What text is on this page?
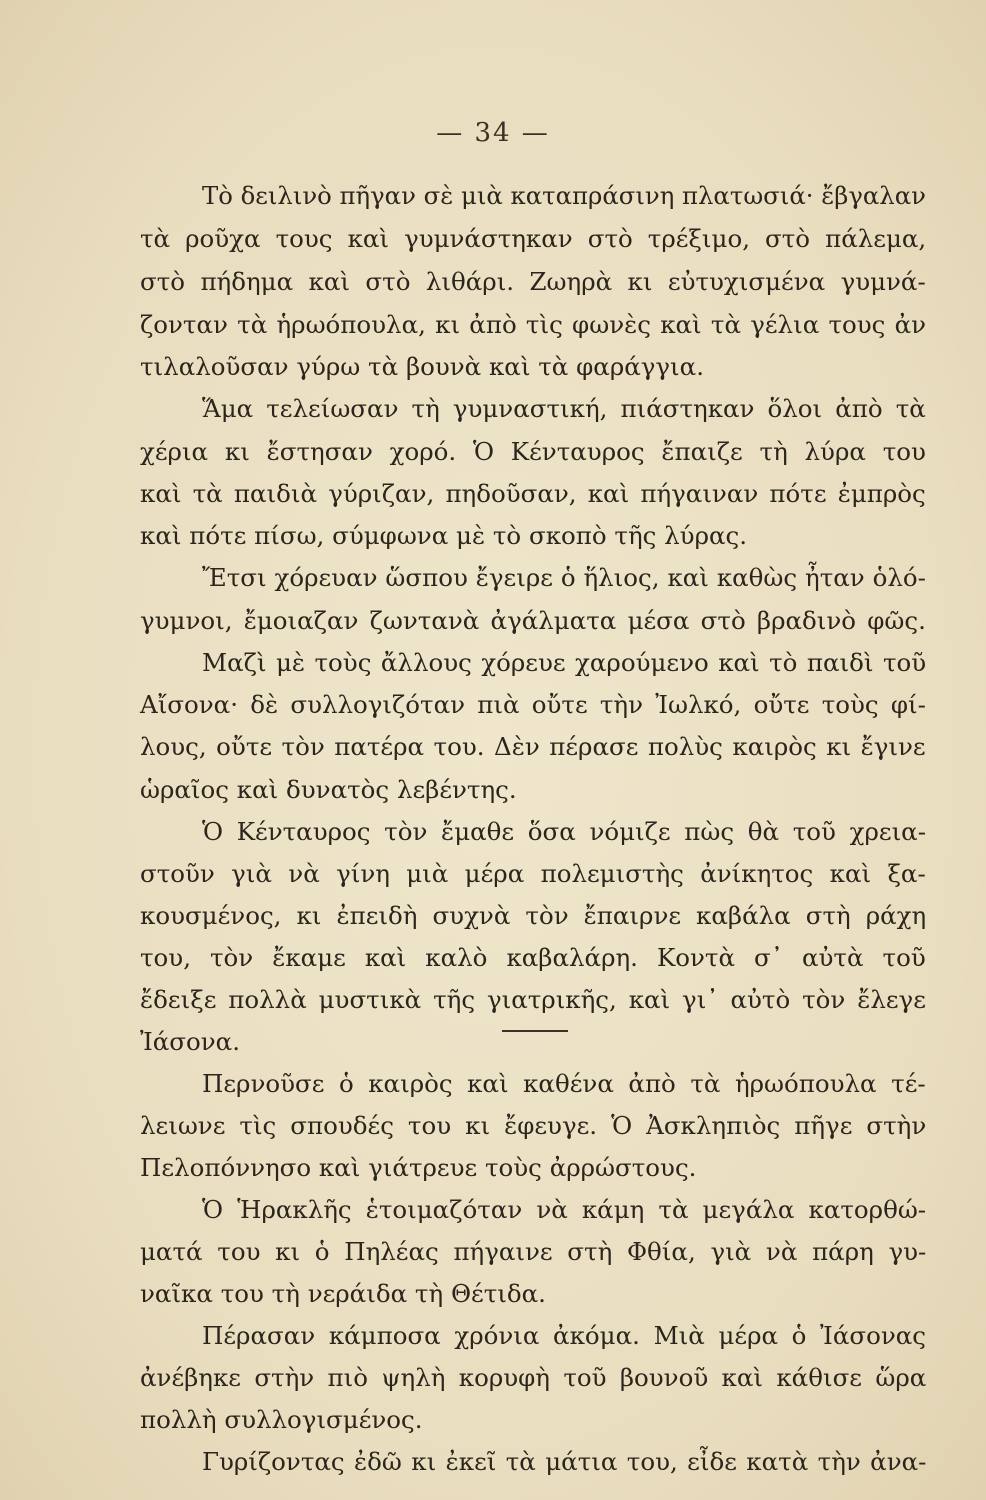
— 34 —
Τὸ δειλινὸ πῆγαν σὲ μιὰ καταπράσινη πλατωσιά· ἔβγαλαν
τὰ ροῦχα τους καὶ γυμνάστηκαν στὸ τρέξιμο, στὸ πάλεμα,
στὸ πήδημα καὶ στὸ λιθάρι. Ζωηρὰ κι εὐτυχισμένα γυμνά-
ζονταν τὰ ἡρωόπουλα, κι ἀπὸ τὶς φωνὲς καὶ τὰ γέλια τους ἀν
τιλαλοῦσαν γύρω τὰ βουνὰ καὶ τὰ φαράγγια.
Ἅμα τελείωσαν τὴ γυμναστική, πιάστηκαν ὅλοι ἀπὸ τὰ
χέρια κι ἔστησαν χορό. Ὁ Κένταυρος ἔπαιζε τὴ λύρα του
καὶ τὰ παιδιὰ γύριζαν, πηδοῦσαν, καὶ πήγαιναν πότε ἐμπρὸς
καὶ πότε πίσω, σύμφωνα μὲ τὸ σκοπὸ τῆς λύρας.
Ἔτσι χόρευαν ὥσπου ἔγειρε ὁ ἥλιος, καὶ καθὼς ἦταν ὁλό-
γυμνοι, ἔμοιαζαν ζωντανὰ ἀγάλματα μέσα στὸ βραδινὸ φῶς.
Μαζὶ μὲ τοὺς ἄλλους χόρευε χαρούμενο καὶ τὸ παιδὶ τοῦ
Αἴσονα· δὲ συλλογιζόταν πιὰ οὔτε τὴν Ἰωλκό, οὔτε τοὺς φί-
λους, οὔτε τὸν πατέρα του. Δὲν πέρασε πολὺς καιρὸς κι ἔγινε
ὡραῖος καὶ δυνατὸς λεβέντης.
Ὁ Κένταυρος τὸν ἔμαθε ὅσα νόμιζε πὼς θὰ τοῦ χρεια-
στοῦν γιὰ νὰ γίνη μιὰ μέρα πολεμιστὴς ἀνίκητος καὶ ξα-
κουσμένος, κι ἐπειδὴ συχνὰ τὸν ἔπαιρνε καβάλα στὴ ράχη
του, τὸν ἔκαμε καὶ καλὸ καβαλάρη. Κοντὰ σ᾿ αὐτὰ τοῦ
ἔδειξε πολλὰ μυστικὰ τῆς γιατρικῆς, καὶ γι᾿ αὐτὸ τὸν ἔλεγε
Ἰάσονα.
Περνοῦσε ὁ καιρὸς καὶ καθένα ἀπὸ τὰ ἡρωόπουλα τέ-
λειωνε τὶς σπουδές του κι ἔφευγε. Ὁ Ἀσκληπιὸς πῆγε στὴν
Πελοπόννησο καὶ γιάτρευε τοὺς ἀρρώστους.
Ὁ Ἡρακλῆς ἑτοιμαζόταν νὰ κάμη τὰ μεγάλα κατορθώ-
ματά του κι ὁ Πηλέας πήγαινε στὴ Φθία, γιὰ νὰ πάρη γυ-
ναῖκα του τὴ νεράιδα τὴ Θέτιδα.
Πέρασαν κάμποσα χρόνια ἀκόμα. Μιὰ μέρα ὁ Ἰάσονας
ἀνέβηκε στὴν πιὸ ψηλὴ κορυφὴ τοῦ βουνοῦ καὶ κάθισε ὥρα
πολλὴ συλλογισμένος.
Γυρίζοντας ἐδῶ κι ἐκεῖ τὰ μάτια του, εἶδε κατὰ τὴν ἀνα-
